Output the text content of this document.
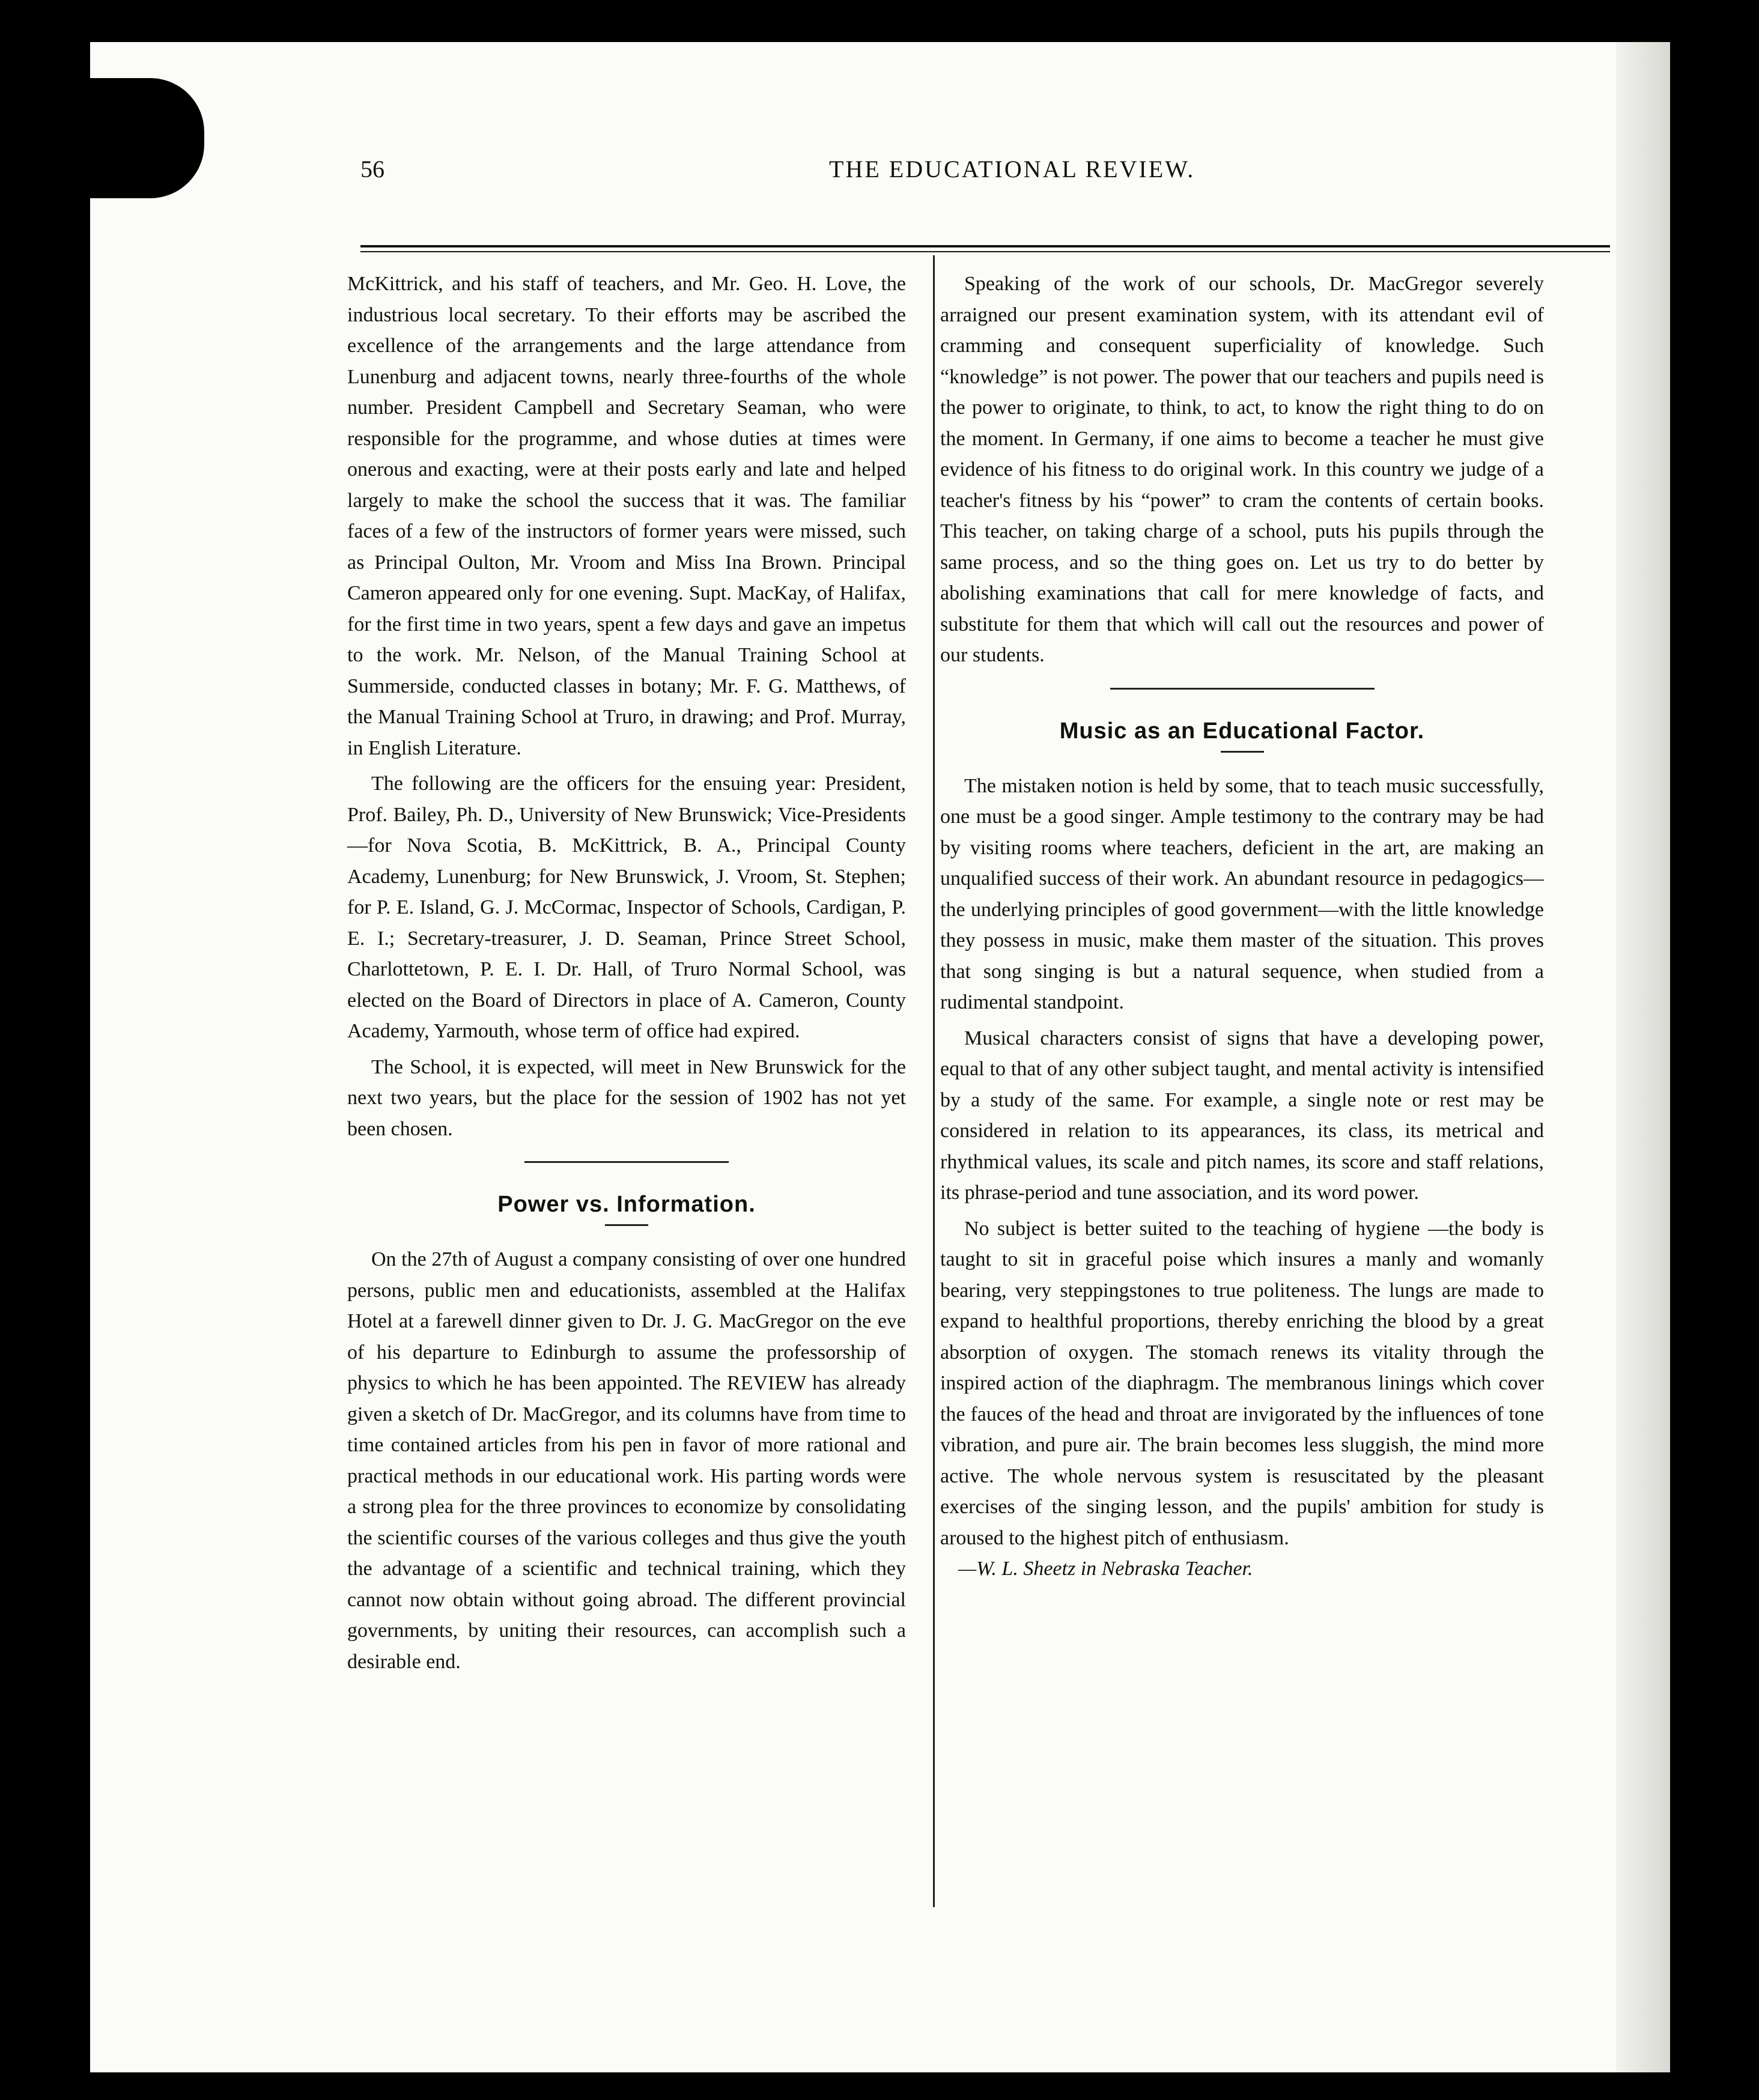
56	THE EDUCATIONAL REVIEW.

McKittrick, and his staff of teachers, and Mr. Geo. H. Love, the industrious local secretary. To their efforts may be ascribed the excellence of the arrangements and the large attendance from Lunenburg and adjacent towns, nearly three-fourths of the whole number. President Campbell and Secretary Seaman, who were responsible for the programme, and whose duties at times were onerous and exacting, were at their posts early and late and helped largely to make the school the success that it was. The familiar faces of a few of the instructors of former years were missed, such as Principal Oulton, Mr. Vroom and Miss Ina Brown. Principal Cameron appeared only for one evening. Supt. MacKay, of Halifax, for the first time in two years, spent a few days and gave an impetus to the work. Mr. Nelson, of the Manual Training School at Summerside, conducted classes in botany; Mr. F. G. Matthews, of the Manual Training School at Truro, in drawing; and Prof. Murray, in English Literature.

The following are the officers for the ensuing year: President, Prof. Bailey, Ph. D., University of New Brunswick; Vice-Presidents—for Nova Scotia, B. McKittrick, B. A., Principal County Academy, Lunenburg; for New Brunswick, J. Vroom, St. Stephen; for P. E. Island, G. J. McCormac, Inspector of Schools, Cardigan, P. E. I.; Secretary-treasurer, J. D. Seaman, Prince Street School, Charlottetown, P. E. I. Dr. Hall, of Truro Normal School, was elected on the Board of Directors in place of A. Cameron, County Academy, Yarmouth, whose term of office had expired.

The School, it is expected, will meet in New Brunswick for the next two years, but the place for the session of 1902 has not yet been chosen.

Power vs. Information.

On the 27th of August a company consisting of over one hundred persons, public men and educationists, assembled at the Halifax Hotel at a farewell dinner given to Dr. J. G. MacGregor on the eve of his departure to Edinburgh to assume the professorship of physics to which he has been appointed. The REVIEW has already given a sketch of Dr. MacGregor, and its columns have from time to time contained articles from his pen in favor of more rational and practical methods in our educational work. His parting words were a strong plea for the three provinces to economize by consolidating the scientific courses of the various colleges and thus give the youth the advantage of a scientific and technical training, which they cannot now obtain without going abroad. The different provincial governments, by uniting their resources, can accomplish such a desirable end.

Speaking of the work of our schools, Dr. MacGregor severely arraigned our present examination system, with its attendant evil of cramming and consequent superficiality of knowledge. Such “knowledge” is not power. The power that our teachers and pupils need is the power to originate, to think, to act, to know the right thing to do on the moment. In Germany, if one aims to become a teacher he must give evidence of his fitness to do original work. In this country we judge of a teacher's fitness by his “power” to cram the contents of certain books. This teacher, on taking charge of a school, puts his pupils through the same process, and so the thing goes on. Let us try to do better by abolishing examinations that call for mere knowledge of facts, and substitute for them that which will call out the resources and power of our students.

Music as an Educational Factor.

The mistaken notion is held by some, that to teach music successfully, one must be a good singer. Ample testimony to the contrary may be had by visiting rooms where teachers, deficient in the art, are making an unqualified success of their work. An abundant resource in pedagogics—the underlying principles of good government—with the little knowledge they possess in music, make them master of the situation. This proves that song singing is but a natural sequence, when studied from a rudimental standpoint.

Musical characters consist of signs that have a developing power, equal to that of any other subject taught, and mental activity is intensified by a study of the same. For example, a single note or rest may be considered in relation to its appearances, its class, its metrical and rhythmical values, its scale and pitch names, its score and staff relations, its phrase-period and tune association, and its word power.

No subject is better suited to the teaching of hygiene —the body is taught to sit in graceful poise which insures a manly and womanly bearing, very steppingstones to true politeness. The lungs are made to expand to healthful proportions, thereby enriching the blood by a great absorption of oxygen. The stomach renews its vitality through the inspired action of the diaphragm. The membranous linings which cover the fauces of the head and throat are invigorated by the influences of tone vibration, and pure air. The brain becomes less sluggish, the mind more active. The whole nervous system is resuscitated by the pleasant exercises of the singing lesson, and the pupils' ambition for study is aroused to the highest pitch of enthusiasm.

—W. L. Sheetz in Nebraska Teacher.
